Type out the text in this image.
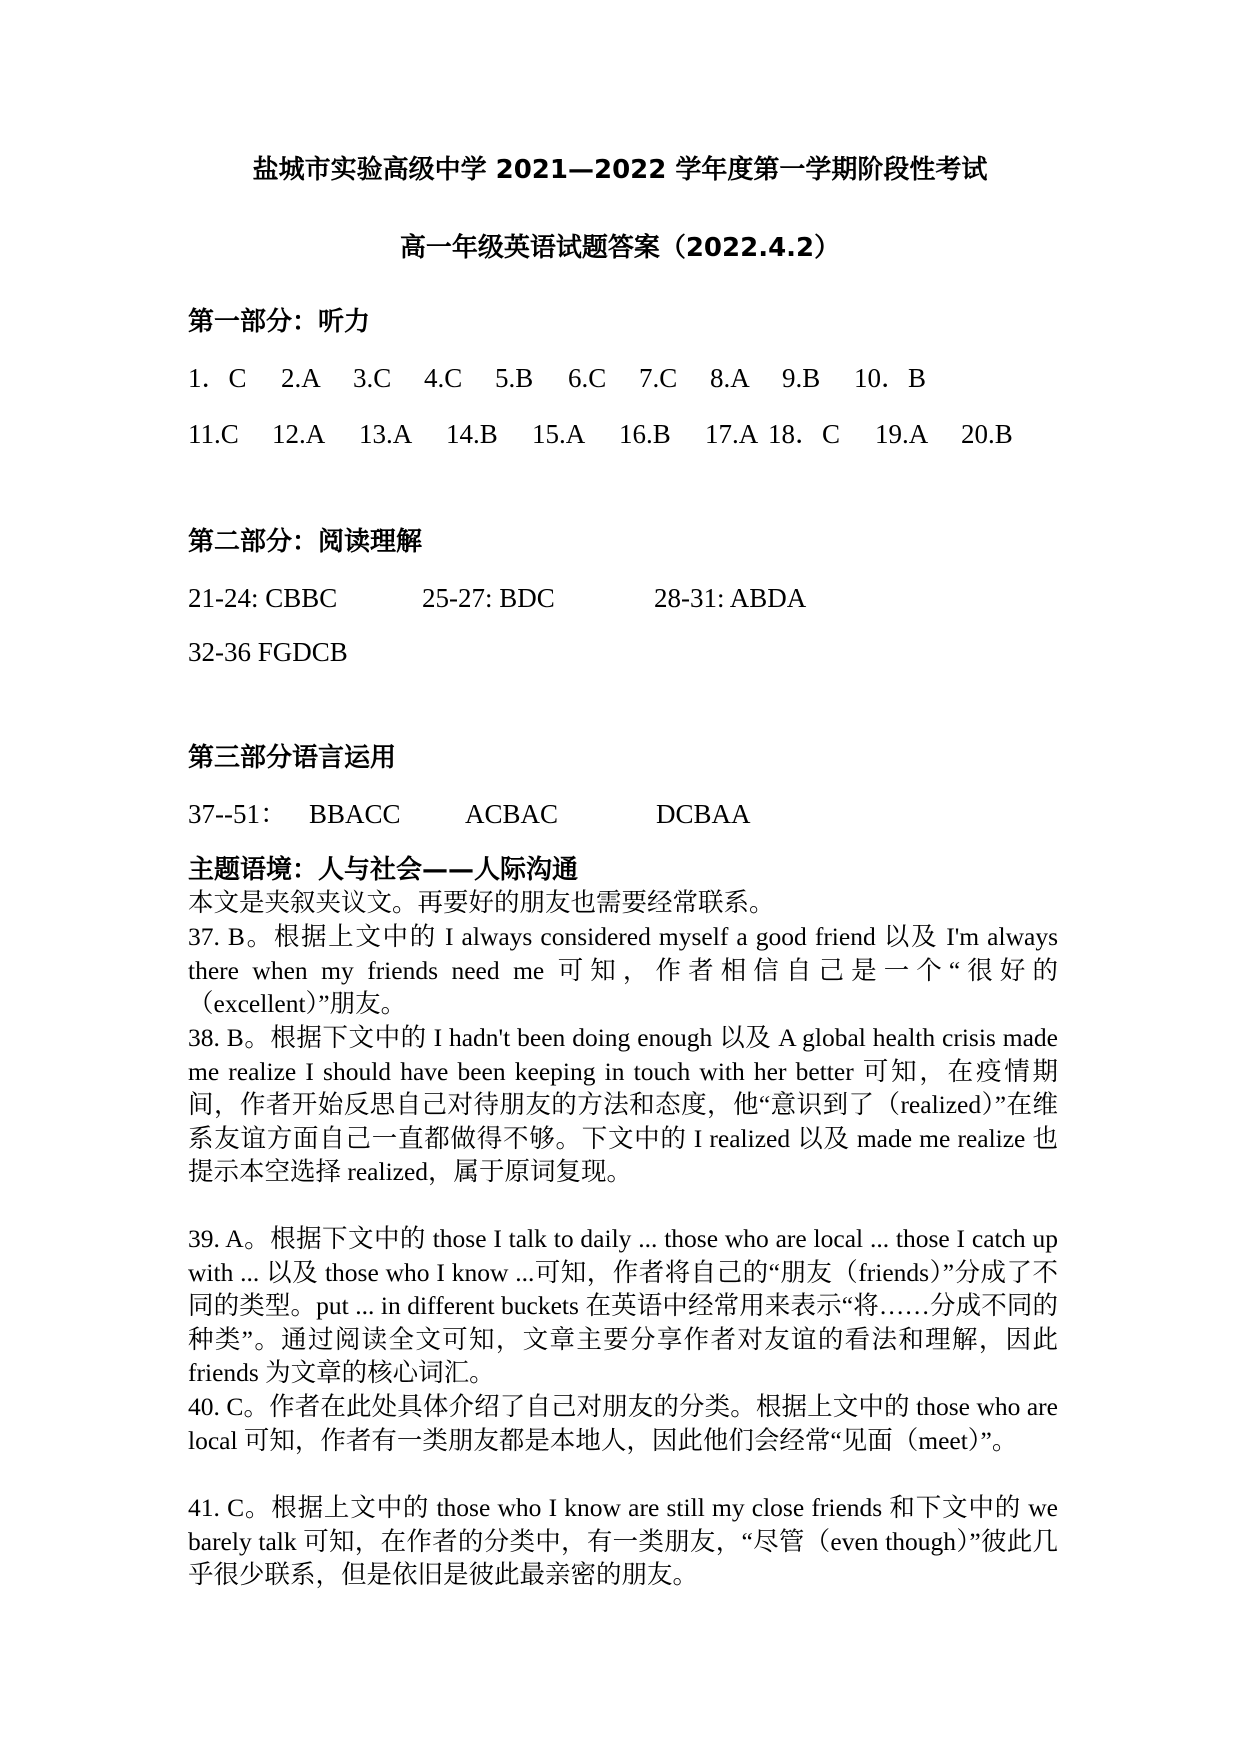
盐城市实验高级中学 2021—2022 学年度第一学期阶段性考试
高一年级英语试题答案（2022.4.2）
第一部分：听力
1．C 2.A 3.C 4.C 5.B 6.C 7.C 8.A 9.B 10．B
11.C 12.A 13.A 14.B 15.A 16.B 17.A 18．C 19.A 20.B
第二部分：阅读理解
21-24: CBBC	25-27: BDC	28-31: ABDA
32-36 FGDCB
第三部分语言运用
37--51： BBACC ACBAC	DCBAA
主题语境：人与社会——人际沟通

本文是夹叙夹议文。再要好的朋友也需要经常联系。

37. B。根据上文中的 I always considered myself a good friend 以及 I'm always there when my friends need me 可知，作者相信自己是一个“很好的（excellent）”朋友。

38. B。根据下文中的 I hadn't been doing enough 以及 A global health crisis made me realize I should have been keeping in touch with her better 可知，在疫情期间，作者开始反思自己对待朋友的方法和态度，他“意识到了（realized）”在维系友谊方面自己一直都做得不够。下文中的 I realized 以及 made me realize 也提示本空选择 realized，属于原词复现。

39. A。根据下文中的 those I talk to daily ... those who are local ... those I catch up with ... 以及 those who I know ...可知，作者将自己的“朋友（friends）”分成了不同的类型。put ... in different buckets 在英语中经常用来表示“将……分成不同的种类”。通过阅读全文可知，文章主要分享作者对友谊的看法和理解，因此 friends 为文章的核心词汇。

40. C。作者在此处具体介绍了自己对朋友的分类。根据上文中的 those who are local 可知，作者有一类朋友都是本地人，因此他们会经常“见面（meet）”。

41. C。根据上文中的 those who I know are still my close friends 和下文中的 we barely talk 可知，在作者的分类中，有一类朋友，“尽管（even though）”彼此几乎很少联系，但是依旧是彼此最亲密的朋友。
